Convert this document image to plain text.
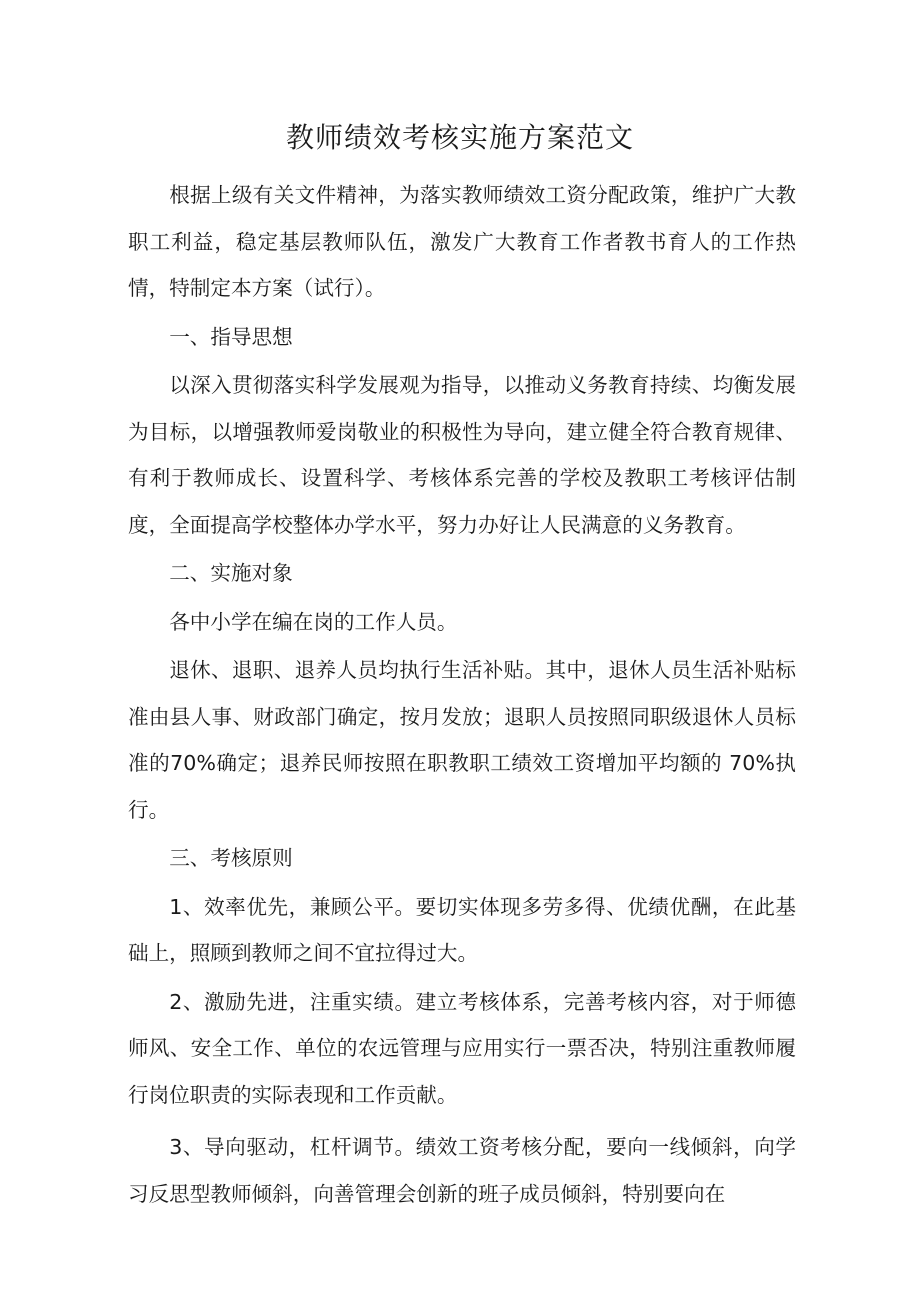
教师绩效考核实施方案范文

根据上级有关文件精神，为落实教师绩效工资分配政策，维护广大教职工利益，稳定基层教师队伍，激发广大教育工作者教书育人的工作热情，特制定本方案（试行）。

一、指导思想

以深入贯彻落实科学发展观为指导，以推动义务教育持续、均衡发展为目标，以增强教师爱岗敬业的积极性为导向，建立健全符合教育规律、有利于教师成长、设置科学、考核体系完善的学校及教职工考核评估制度，全面提高学校整体办学水平，努力办好让人民满意的义务教育。

二、实施对象

各中小学在编在岗的工作人员。

退休、退职、退养人员均执行生活补贴。其中，退休人员生活补贴标准由县人事、财政部门确定，按月发放；退职人员按照同职级退休人员标准的70%确定；退养民师按照在职教职工绩效工资增加平均额的 70%执行。

三、考核原则

1、效率优先，兼顾公平。要切实体现多劳多得、优绩优酬，在此基础上，照顾到教师之间不宜拉得过大。

2、激励先进，注重实绩。建立考核体系，完善考核内容，对于师德师风、安全工作、单位的农远管理与应用实行一票否决，特别注重教师履行岗位职责的实际表现和工作贡献。

3、导向驱动，杠杆调节。绩效工资考核分配，要向一线倾斜，向学习反思型教师倾斜，向善管理会创新的班子成员倾斜，特别要向在
